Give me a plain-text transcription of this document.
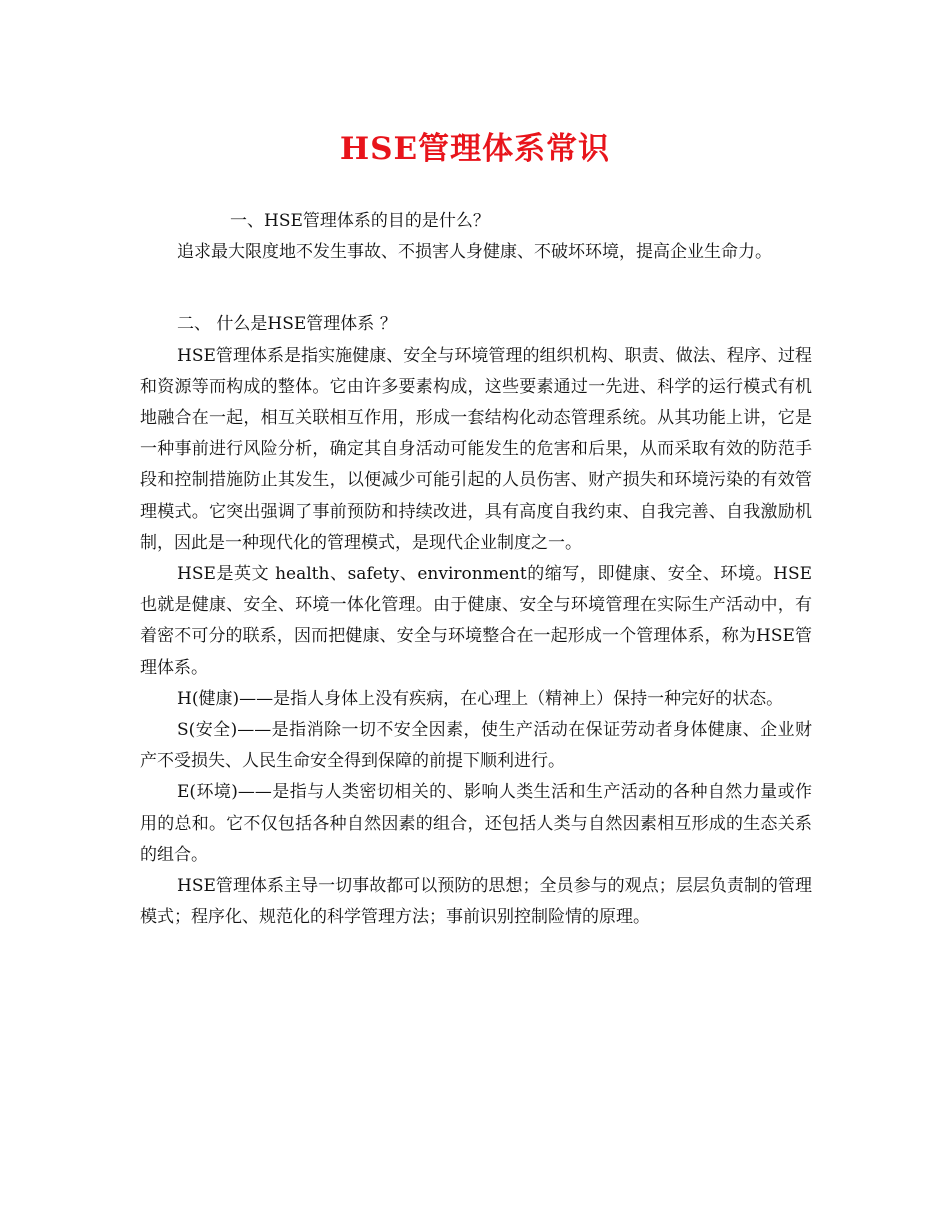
HSE管理体系常识

一、HSE管理体系的目的是什么？

追求最大限度地不发生事故、不损害人身健康、不破坏环境，提高企业生命力。

二、 什么是HSE管理体系 ？

HSE管理体系是指实施健康、安全与环境管理的组织机构、职责、做法、程序、过程和资源等而构成的整体。它由许多要素构成，这些要素通过一先进、科学的运行模式有机地融合在一起，相互关联相互作用，形成一套结构化动态管理系统。从其功能上讲，它是一种事前进行风险分析，确定其自身活动可能发生的危害和后果，从而采取有效的防范手段和控制措施防止其发生，以便减少可能引起的人员伤害、财产损失和环境污染的有效管理模式。它突出强调了事前预防和持续改进，具有高度自我约束、自我完善、自我激励机制，因此是一种现代化的管理模式，是现代企业制度之一。

HSE是英文 health、safety、environment的缩写，即健康、安全、环境。HSE也就是健康、安全、环境一体化管理。由于健康、安全与环境管理在实际生产活动中，有着密不可分的联系，因而把健康、安全与环境整合在一起形成一个管理体系，称为HSE管理体系。

H(健康)——是指人身体上没有疾病，在心理上（精神上）保持一种完好的状态。

S(安全)——是指消除一切不安全因素，使生产活动在保证劳动者身体健康、企业财产不受损失、人民生命安全得到保障的前提下顺利进行。

E(环境)——是指与人类密切相关的、影响人类生活和生产活动的各种自然力量或作用的总和。它不仅包括各种自然因素的组合，还包括人类与自然因素相互形成的生态关系的组合。

HSE管理体系主导一切事故都可以预防的思想；全员参与的观点；层层负责制的管理模式；程序化、规范化的科学管理方法；事前识别控制险情的原理。
